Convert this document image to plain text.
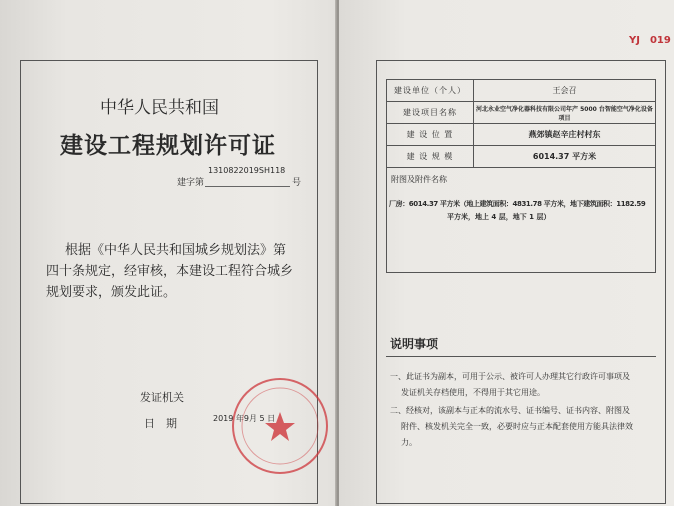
中华人民共和国
建设工程规划许可证
1310822019SH118
建字第	号
根据《中华人民共和国城乡规划法》第
四十条规定，经审核，本建设工程符合城乡
规划要求，颁发此证。
发证机关
日　期	2019 年9月 5 日
YJ　019
建设单位（个人）	王会召
建设项目名称	河北永业空气净化器科技有限公司年产 5000 台智能空气净化设备项目
建 设 位 置	燕郊镇赵辛庄村村东
建 设 规 模	6014.37 平方米

附图及附件名称
厂房：6014.37 平方米（地上建筑面积：4831.78 平方米，地下建筑面积：1182.59
平方米，地上 4 层，地下 1 层）	
说明事项
一、此证书为副本，可用于公示、被许可人办理其它行政许可事项及
发证机关存档使用，不得用于其它用途。
二、经核对，该副本与正本的流水号、证书编号、证书内容、附图及
附件、核发机关完全一致，必要时应与正本配套使用方能具法律效
力。
